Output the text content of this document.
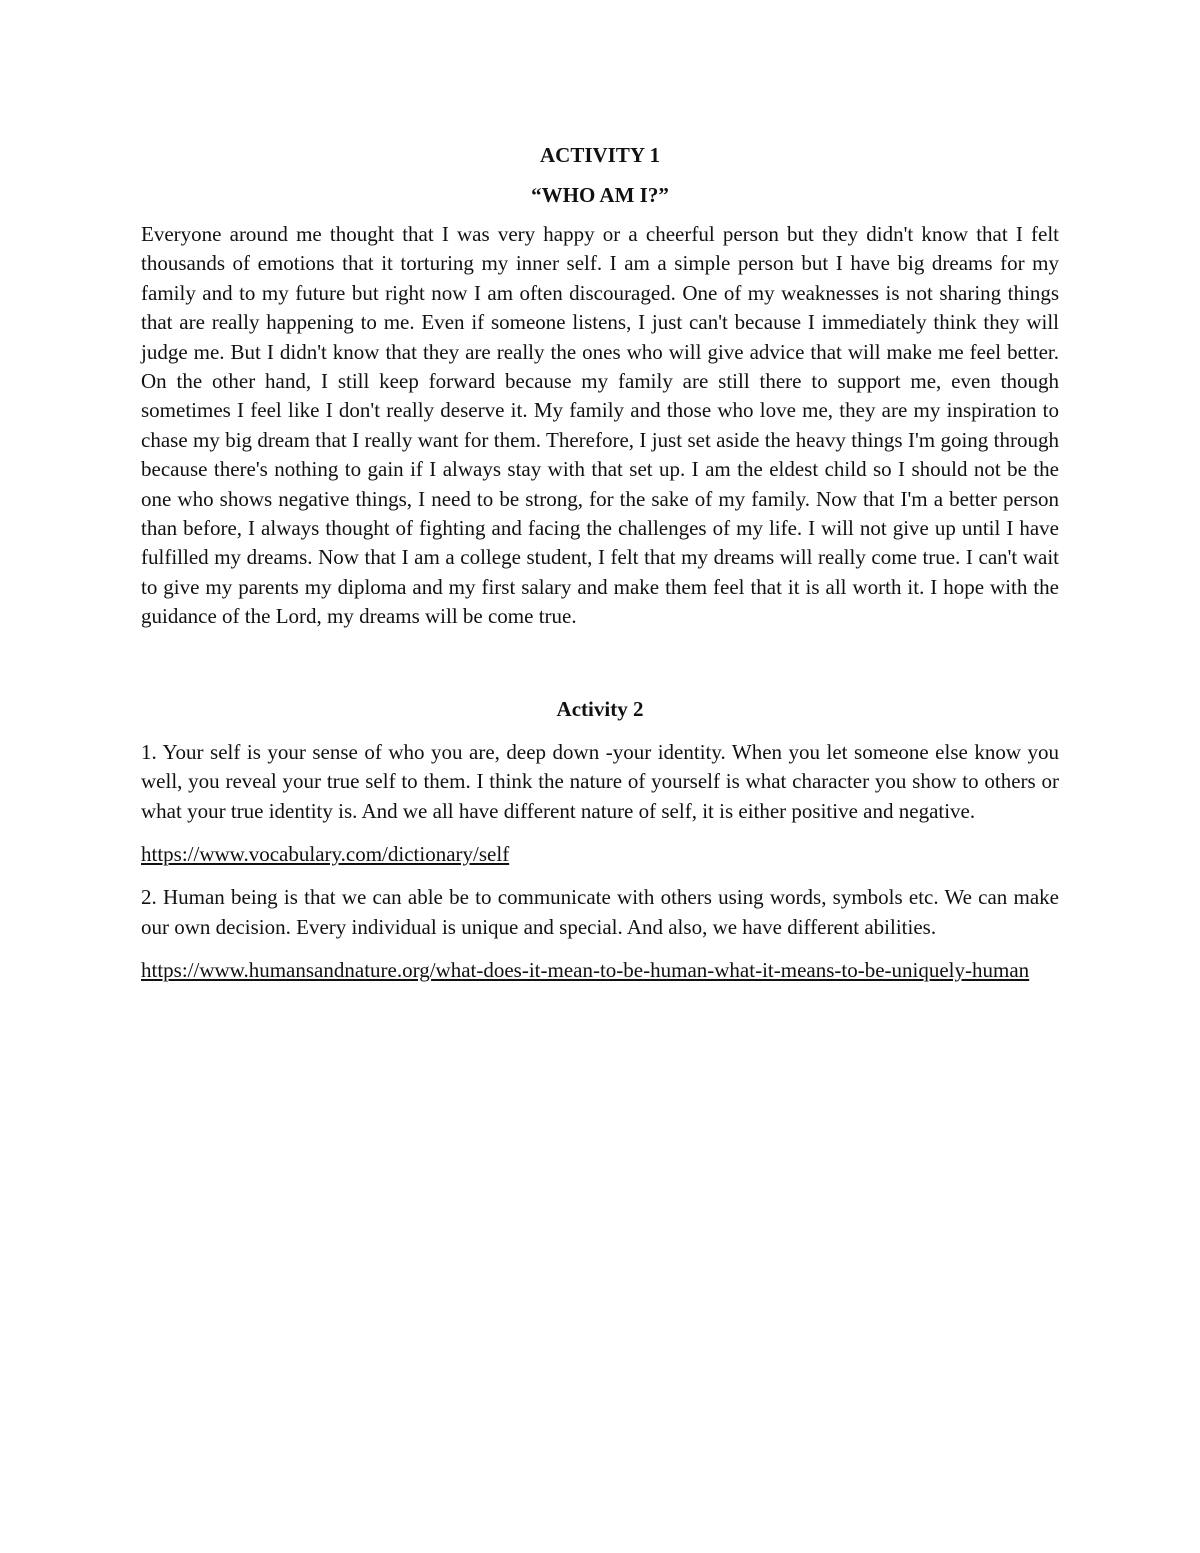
ACTIVITY 1
“WHO AM I?”

Everyone around me thought that I was very happy or a cheerful person but they didn't know that I felt thousands of emotions that it torturing my inner self. I am a simple person but I have big dreams for my family and to my future but right now I am often discouraged. One of my weaknesses is not sharing things that are really happening to me. Even if someone listens, I just can't because I immediately think they will judge me. But I didn't know that they are really the ones who will give advice that will make me feel better. On the other hand, I still keep forward because my family are still there to support me, even though sometimes I feel like I don't really deserve it. My family and those who love me, they are my inspiration to chase my big dream that I really want for them. Therefore, I just set aside the heavy things I'm going through because there's nothing to gain if I always stay with that set up. I am the eldest child so I should not be the one who shows negative things, I need to be strong, for the sake of my family. Now that I'm a better person than before, I always thought of fighting and facing the challenges of my life. I will not give up until I have fulfilled my dreams. Now that I am a college student, I felt that my dreams will really come true. I can't wait to give my parents my diploma and my first salary and make them feel that it is all worth it. I hope with the guidance of the Lord, my dreams will be come true.

Activity 2

1. Your self is your sense of who you are, deep down -your identity. When you let someone else know you well, you reveal your true self to them. I think the nature of yourself is what character you show to others or what your true identity is. And we all have different nature of self, it is either positive and negative.

https://www.vocabulary.com/dictionary/self

2. Human being is that we can able be to communicate with others using words, symbols etc. We can make our own decision. Every individual is unique and special. And also, we have different abilities.

https://www.humansandnature.org/what-does-it-mean-to-be-human-what-it-means-to-be-uniquely-human
